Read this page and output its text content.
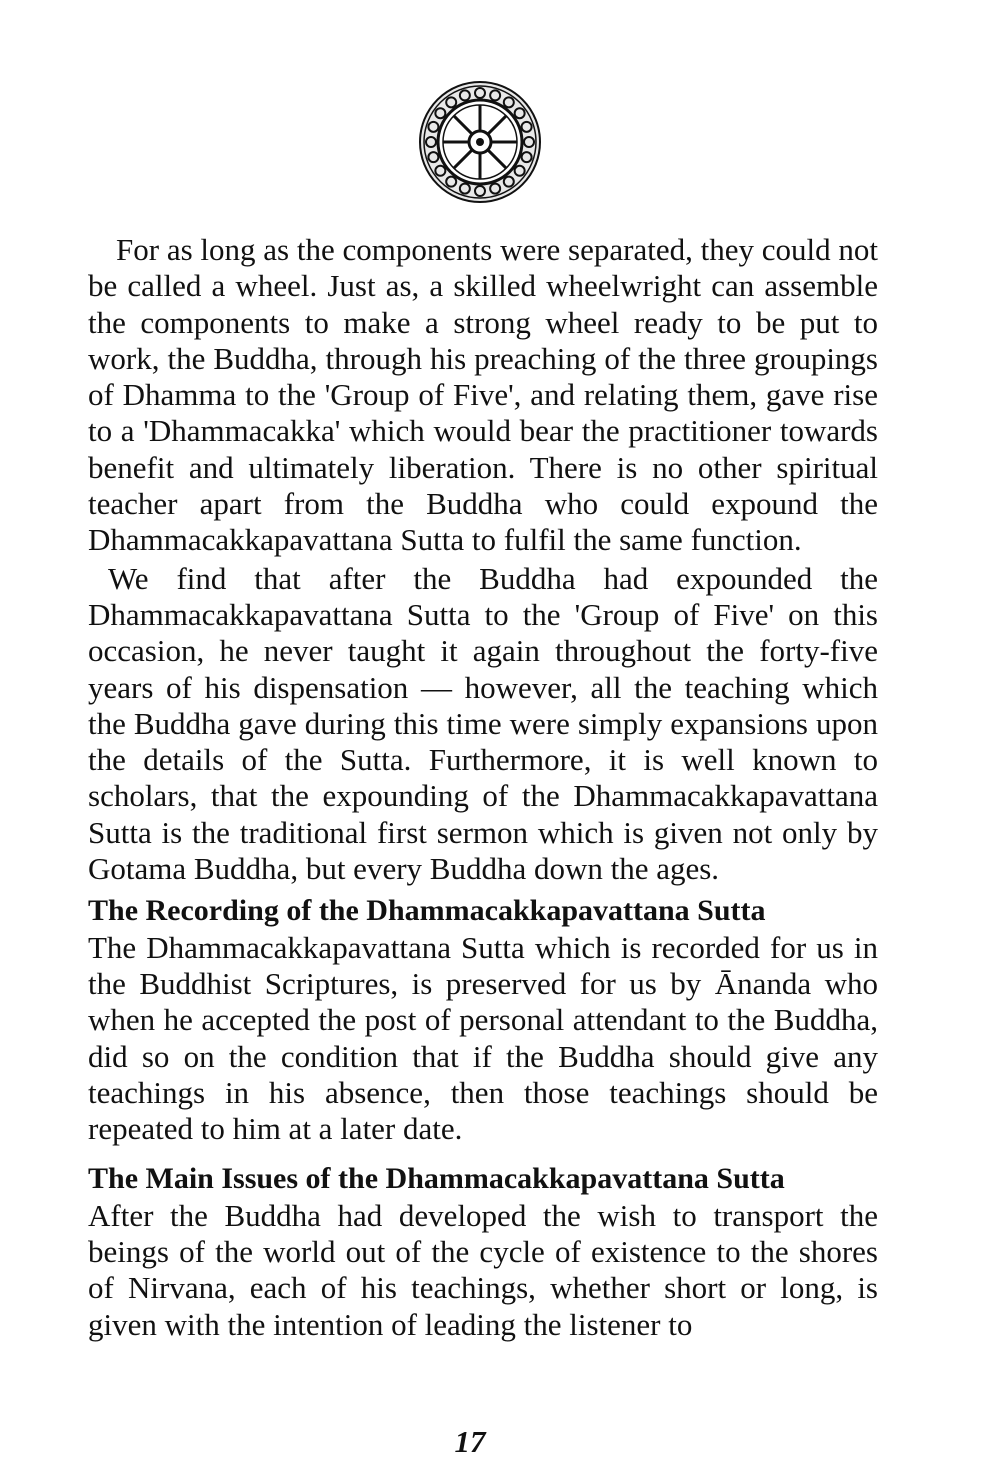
For as long as the components were separated, they could not be called a wheel. Just as, a skilled wheelwright can assemble the components to make a strong wheel ready to be put to work, the Buddha, through his preaching of the three groupings of Dhamma to the 'Group of Five', and relating them, gave rise to a 'Dhammacakka' which would bear the practitioner towards benefit and ultimately liberation. There is no other spiritual teacher apart from the Buddha who could expound the Dhammacakkapavattana Sutta to fulfil the same function.

We find that after the Buddha had expounded the Dhammacakkapavattana Sutta to the 'Group of Five' on this occasion, he never taught it again throughout the forty-five years of his dispensation — however, all the teaching which the Buddha gave during this time were simply expansions upon the details of the Sutta. Furthermore, it is well known to scholars, that the expounding of the Dhammacakkapavattana Sutta is the traditional first sermon which is given not only by Gotama Buddha, but every Buddha down the ages.

The Recording of the Dhammacakkapavattana Sutta

The Dhammacakkapavattana Sutta which is recorded for us in the Buddhist Scriptures, is preserved for us by Ānanda who when he accepted the post of personal attendant to the Buddha, did so on the condition that if the Buddha should give any teachings in his absence, then those teachings should be repeated to him at a later date.

The Main Issues of the Dhammacakkapavattana Sutta

After the Buddha had developed the wish to transport the beings of the world out of the cycle of existence to the shores of Nirvana, each of his teachings, whether short or long, is given with the intention of leading the listener to

17
